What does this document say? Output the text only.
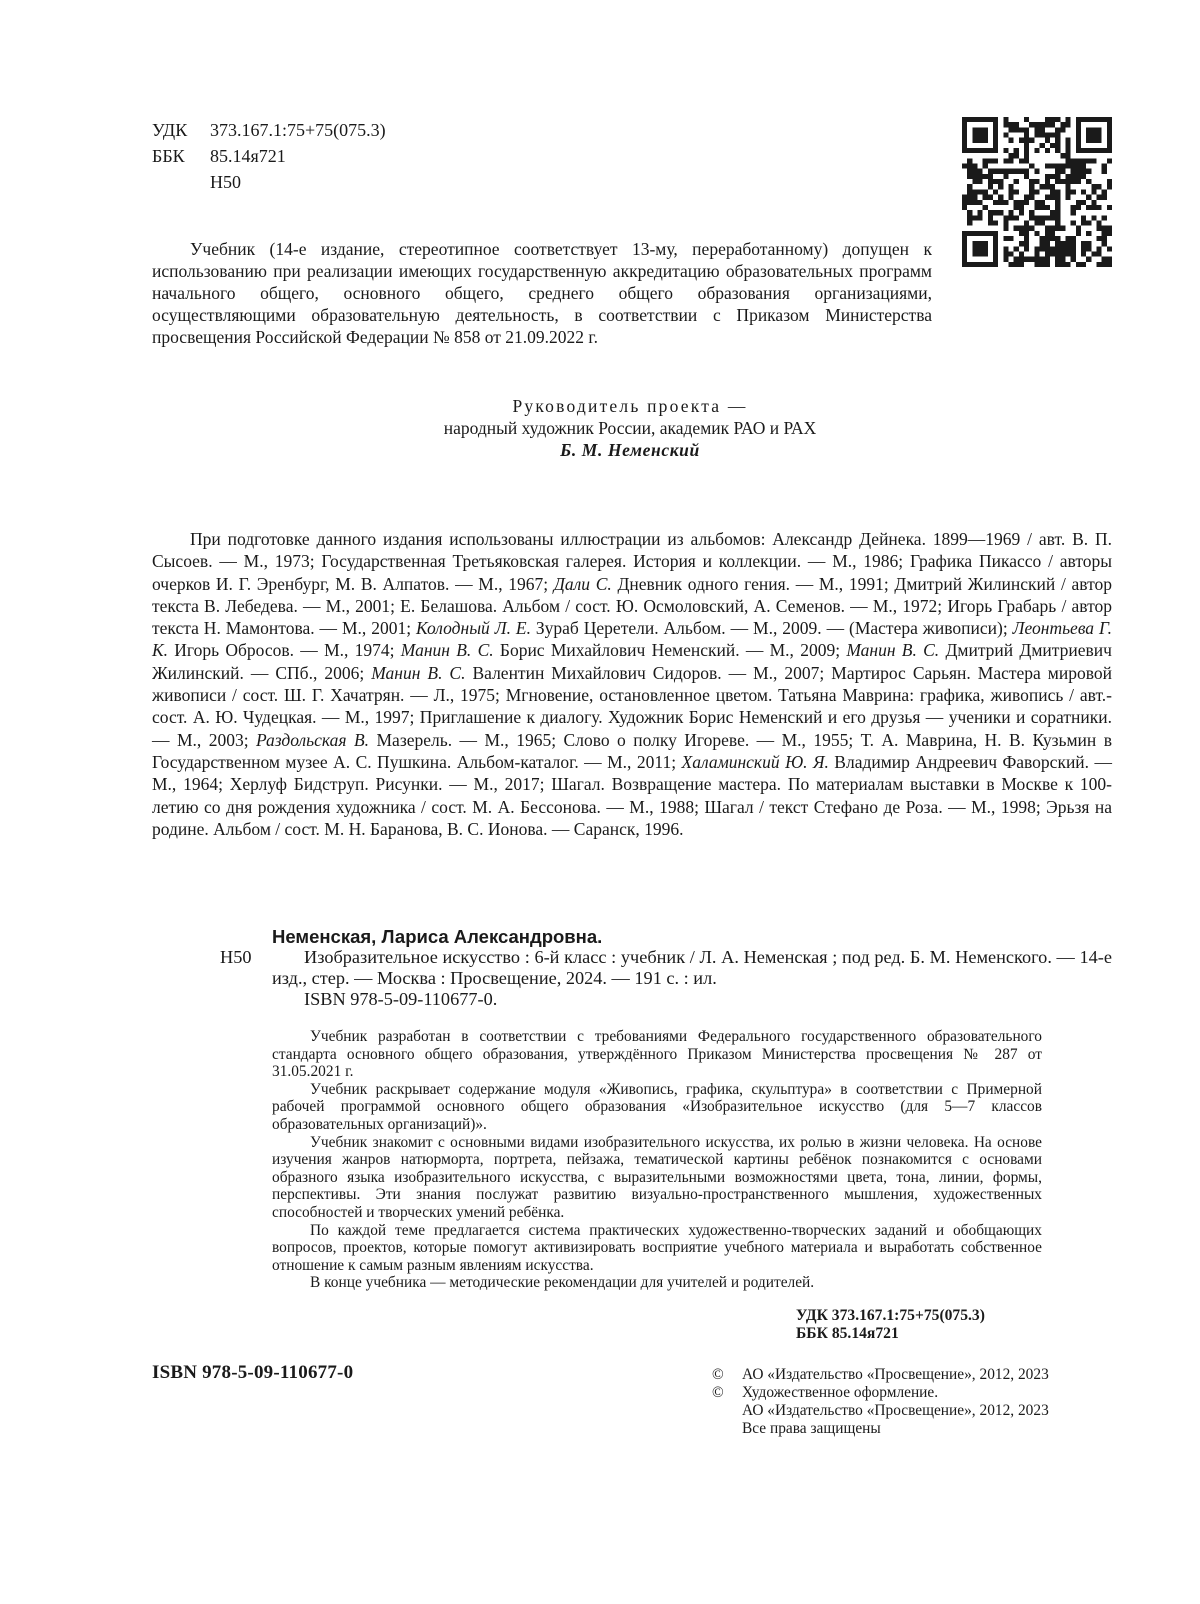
УДК	373.167.1:75+75(075.3)
ББК	85.14я721
Н50
Учебник (14-е издание, стереотипное соответствует 13-му, переработанному) допущен к использованию при реализации имеющих государственную аккредитацию образовательных программ начального общего, основного общего, среднего общего образования организациями, осуществляющими образовательную деятельность, в соответствии с Приказом Министерства просвещения Российской Федерации № 858 от 21.09.2022 г.
Руководитель проекта —
народный художник России, академик РАО и РАХ
Б. М. Неменский
При подготовке данного издания использованы иллюстрации из альбомов: Александр Дейнека. 1899—1969 / авт. В. П. Сысоев. — М., 1973; Государственная Третьяковская галерея. История и коллекции. — М., 1986; Графика Пикассо / авторы очерков И. Г. Эренбург, М. В. Алпатов. — М., 1967; Дали С. Дневник одного гения. — М., 1991; Дмитрий Жилинский / автор текста В. Лебедева. — М., 2001; Е. Белашова. Альбом / сост. Ю. Осмоловский, А. Семенов. — М., 1972; Игорь Грабарь / автор текста Н. Мамонтова. — М., 2001; Колодный Л. Е. Зураб Церетели. Альбом. — М., 2009. — (Мастера живописи); Леонтьева Г. К. Игорь Обросов. — М., 1974; Манин В. С. Борис Михайлович Неменский. — М., 2009; Манин В. С. Дмитрий Дмитриевич Жилинский. — СПб., 2006; Манин В. С. Валентин Михайлович Сидоров. — М., 2007; Мартирос Сарьян. Мастера мировой живописи / сост. Ш. Г. Хачатрян. — Л., 1975; Мгновение, остановленное цветом. Татьяна Маврина: графика, живопись / авт.-сост. А. Ю. Чудецкая. — М., 1997; Приглашение к диалогу. Художник Борис Неменский и его друзья — ученики и соратники. — М., 2003; Раздольская В. Мазерель. — М., 1965; Слово о полку Игореве. — М., 1955; Т. А. Маврина, Н. В. Кузьмин в Государственном музее А. С. Пушкина. Альбом-каталог. — М., 2011; Халаминский Ю. Я. Владимир Андреевич Фаворский. — М., 1964; Херлуф Бидструп. Рисунки. — М., 2017; Шагал. Возвращение мастера. По материалам выставки в Москве к 100-летию со дня рождения художника / сост. М. А. Бессонова. — М., 1988; Шагал / текст Стефано де Роза. — М., 1998; Эрьзя на родине. Альбом / сост. М. Н. Баранова, В. С. Ионова. — Саранск, 1996.
Неменская, Лариса Александровна.
Н50	Изобразительное искусство : 6-й класс : учебник / Л. А. Неменская ; под ред. Б. М. Неменского. — 14-е изд., стер. — Москва : Просвещение, 2024. — 191 с. : ил.
ISBN 978-5-09-110677-0.

Учебник разработан в соответствии с требованиями Федерального государственного образовательного стандарта основного общего образования, утверждённого Приказом Министерства просвещения № 287 от 31.05.2021 г.

Учебник раскрывает содержание модуля «Живопись, графика, скульптура» в соответствии с Примерной рабочей программой основного общего образования «Изобразительное искусство (для 5—7 классов образовательных организаций)».

Учебник знакомит с основными видами изобразительного искусства, их ролью в жизни человека. На основе изучения жанров натюрморта, портрета, пейзажа, тематической картины ребёнок познакомится с основами образного языка изобразительного искусства, с выразительными возможностями цвета, тона, линии, формы, перспективы. Эти знания послужат развитию визуально-пространственного мышления, художественных способностей и творческих умений ребёнка.

По каждой теме предлагается система практических художественно-творческих заданий и обобщающих вопросов, проектов, которые помогут активизировать восприятие учебного материала и выработать собственное отношение к самым разным явлениям искусства.

В конце учебника — методические рекомендации для учителей и родителей.

УДК 373.167.1:75+75(075.3)
ББК 85.14я721
ISBN 978-5-09-110677-0	©	АО «Издательство «Просвещение», 2012, 2023
©	Художественное оформление.
АО «Издательство «Просвещение», 2012, 2023
Все права защищены
